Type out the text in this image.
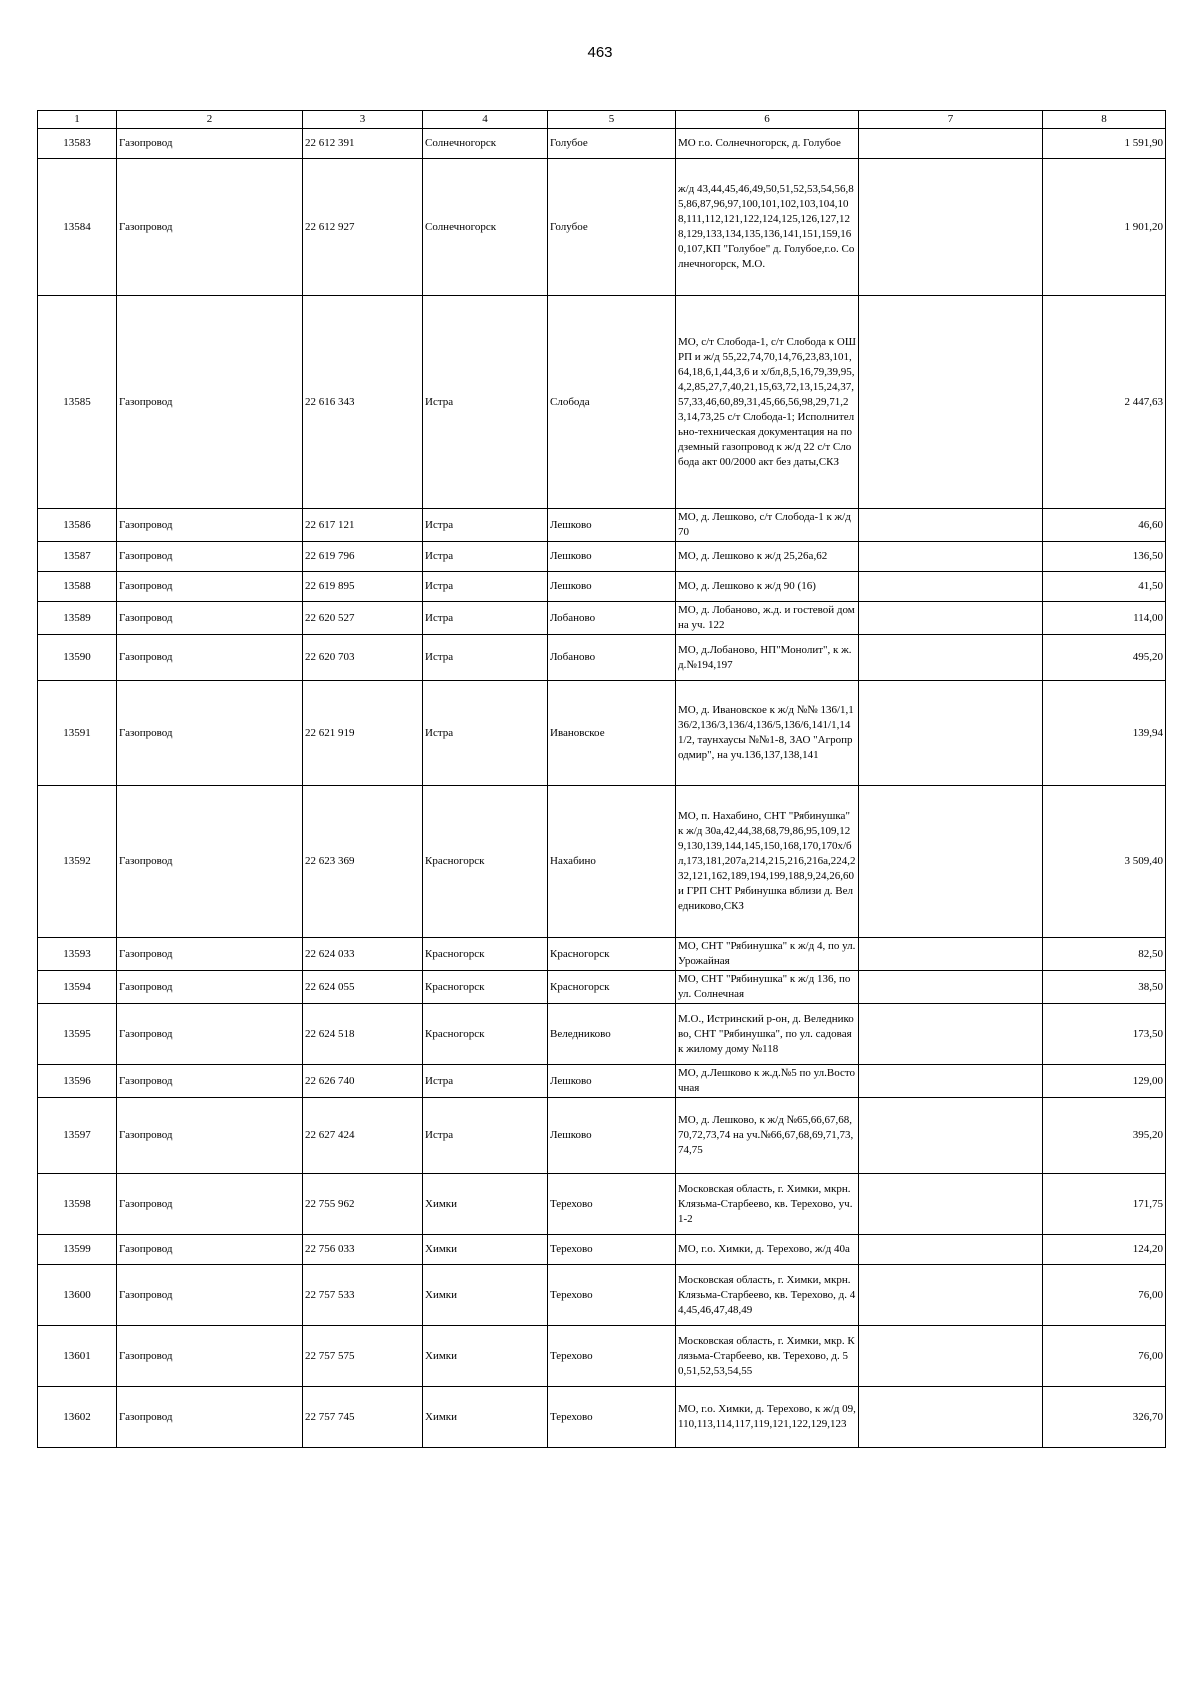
463
1	2	3	4	5	6	7	8
13583	Газопровод	22 612 391	Солнечногорск	Голубое	МО г.о. Солнечногорск, д. Голубое		1 591,90
13584	Газопровод	22 612 927	Солнечногорск	Голубое	ж/д 43,44,45,46,49,50,51,52,53,54,56,85,86,87,96,97,100,101,102,103,104,108,111,112,121,122,124,125,126,127,128,129,133,134,135,136,141,151,159,160,107,КП "Голубое" д. Голубое,г.о. Солнечногорск, М.О.		1 901,20
13585	Газопровод	22 616 343	Истра	Слобода	МО, с/т Слобода-1, с/т Слобода к ОШРП и ж/д 55,22,74,70,14,76,23,83,101,64,18,6,1,44,3,6 и х/бл,8,5,16,79,39,95,4,2,85,27,7,40,21,15,63,72,13,15,24,37,57,33,46,60,89,31,45,66,56,98,29,71,23,14,73,25 с/т Слобода-1; Исполнительно-техническая документация на подземный газопровод к ж/д 22 с/т Слобода акт 00/2000 акт без даты,СКЗ		2 447,63
13586	Газопровод	22 617 121	Истра	Лешково	МО, д. Лешково, с/т Слобода-1 к ж/д 70		46,60
13587	Газопровод	22 619 796	Истра	Лешково	МО, д. Лешково к ж/д 25,26а,62		136,50
13588	Газопровод	22 619 895	Истра	Лешково	МО, д. Лешково к ж/д 90 (16)		41,50
13589	Газопровод	22 620 527	Истра	Лобаново	МО, д. Лобаново, ж.д. и гостевой дом на уч. 122		114,00
13590	Газопровод	22 620 703	Истра	Лобаново	МО, д.Лобаново, НП"Монолит", к ж.д.№194,197		495,20
13591	Газопровод	22 621 919	Истра	Ивановское	МО, д. Ивановское к ж/д №№ 136/1,136/2,136/3,136/4,136/5,136/6,141/1,141/2, таунхаусы №№1-8, ЗАО "Агропродмир", на уч.136,137,138,141		139,94
13592	Газопровод	22 623 369	Красногорск	Нахабино	МО, п. Нахабино, СНТ "Рябинушка" к ж/д 30а,42,44,38,68,79,86,95,109,129,130,139,144,145,150,168,170,170х/бл,173,181,207а,214,215,216,216а,224,232,121,162,189,194,199,188,9,24,26,60 и ГРП СНТ Рябинушка вблизи д. Веледниково,СКЗ		3 509,40
13593	Газопровод	22 624 033	Красногорск	Красногорск	МО, СНТ "Рябинушка" к ж/д 4, по ул. Урожайная		82,50
13594	Газопровод	22 624 055	Красногорск	Красногорск	МО, СНТ "Рябинушка" к ж/д 136, по ул. Солнечная		38,50
13595	Газопровод	22 624 518	Красногорск	Веледниково	М.О., Истринский р-он, д. Веледниково, СНТ "Рябинушка", по ул. садовая к жилому дому №118		173,50
13596	Газопровод	22 626 740	Истра	Лешково	МО, д.Лешково к ж.д.№5 по ул.Восточная		129,00
13597	Газопровод	22 627 424	Истра	Лешково	МО, д. Лешково, к ж/д №65,66,67,68,70,72,73,74 на уч.№66,67,68,69,71,73,74,75		395,20
13598	Газопровод	22 755 962	Химки	Терехово	Московская область, г. Химки, мкрн. Клязьма-Старбеево, кв. Терехово, уч. 1-2		171,75
13599	Газопровод	22 756 033	Химки	Терехово	МО, г.о. Химки, д. Терехово, ж/д 40а		124,20
13600	Газопровод	22 757 533	Химки	Терехово	Московская область, г. Химки, мкрн. Клязьма-Старбеево, кв. Терехово, д. 44,45,46,47,48,49		76,00
13601	Газопровод	22 757 575	Химки	Терехово	Московская область, г. Химки, мкр. Клязьма-Старбеево, кв. Терехово, д. 50,51,52,53,54,55		76,00
13602	Газопровод	22 757 745	Химки	Терехово	МО, г.о. Химки, д. Терехово, к ж/д 09,110,113,114,117,119,121,122,129,123		326,70
